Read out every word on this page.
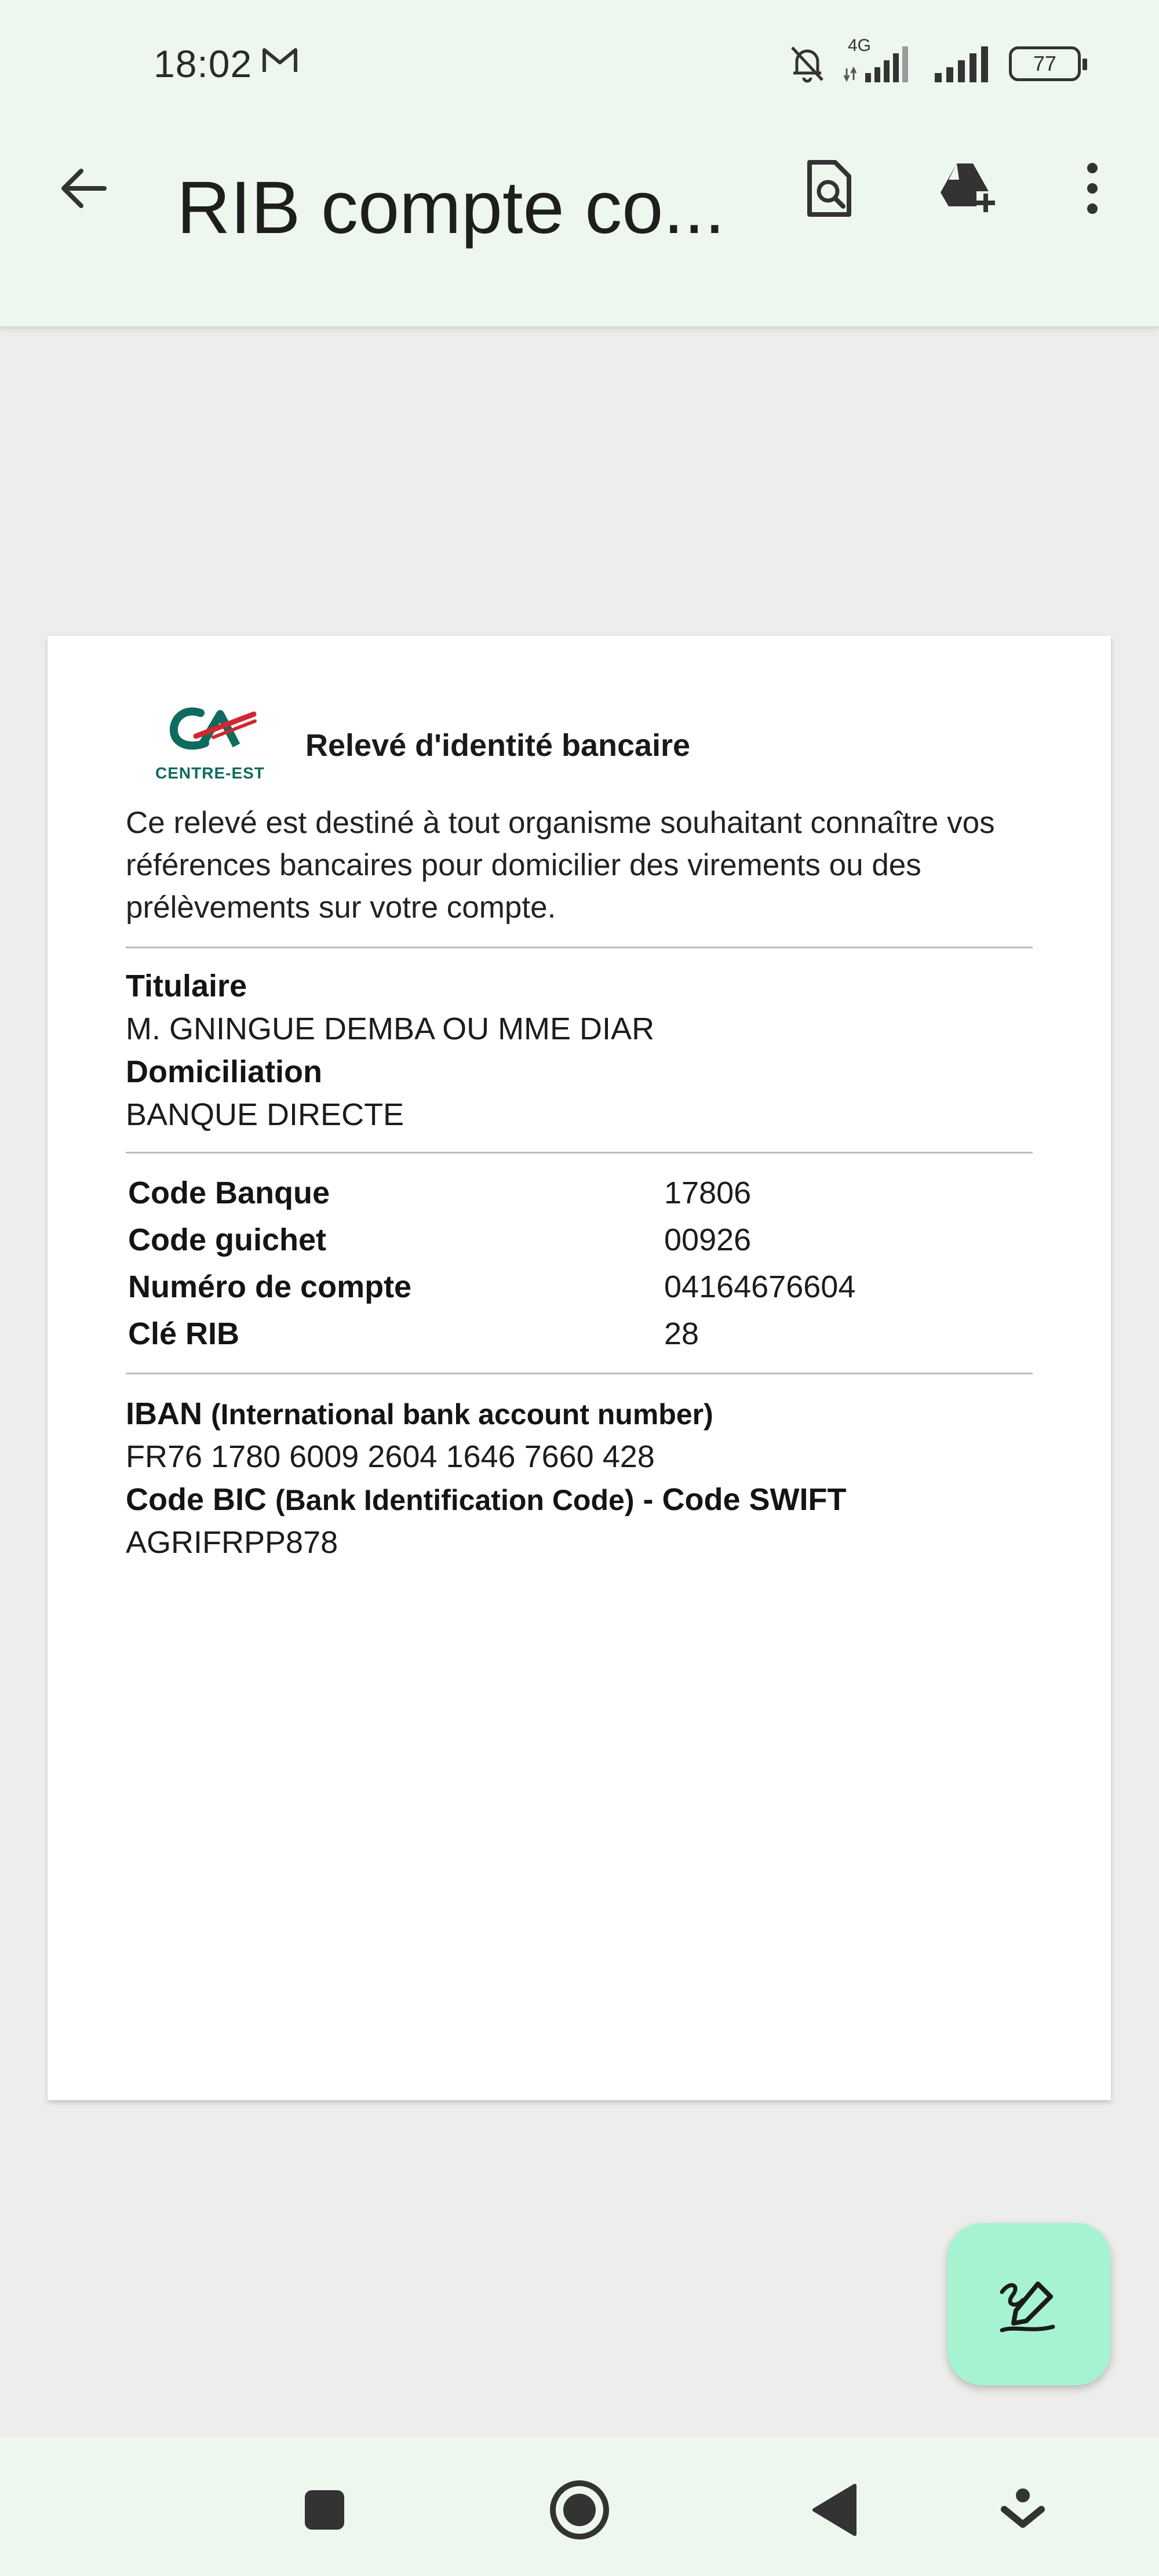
18:02	4G
77
RIB compte co...
CENTRE-EST
Relevé d'identité bancaire
Ce relevé est destiné à tout organisme souhaitant connaître vos références bancaires pour domicilier des virements ou des prélèvements sur votre compte.
Titulaire
M. GNINGUE DEMBA OU MME DIAR
Domiciliation
BANQUE DIRECTE
Code Banque	17806
Code guichet	00926
Numéro de compte	04164676604
Clé RIB	28
IBAN (International bank account number)
FR76 1780 6009 2604 1646 7660 428
Code BIC (Bank Identification Code) - Code SWIFT
AGRIFRPP878
